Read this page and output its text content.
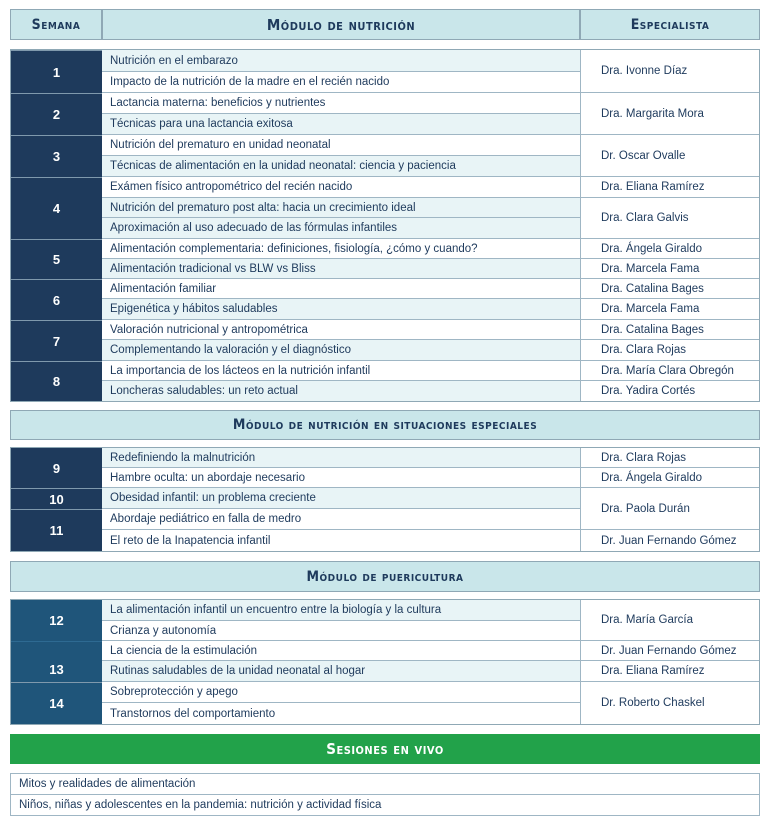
Semana	Módulo de nutrición	Especialista
1
2
3
4
5
6
7
8
Nutrición en el embarazo
Impacto de la nutrición de la madre en el recién nacido
Lactancia materna: beneficios y nutrientes
Técnicas para una lactancia exitosa
Nutrición del prematuro en unidad neonatal
Técnicas de alimentación en la unidad neonatal: ciencia y paciencia
Exámen físico antropométrico del recién nacido
Nutrición del prematuro post alta: hacia un crecimiento ideal
Aproximación al uso adecuado de las fórmulas infantiles
Alimentación complementaria: definiciones, fisiología, ¿cómo y cuando?
Alimentación tradicional vs BLW vs Bliss
Alimentación familiar
Epigenética y hábitos saludables
Valoración nutricional y antropométrica
Complementando la valoración y el diagnóstico
La importancia de los lácteos en la nutrición infantil
Loncheras saludables: un reto actual
Dra. Ivonne Díaz
Dra. Margarita Mora
Dr. Oscar Ovalle
Dra. Eliana Ramírez
Dra. Clara Galvis
Dra. Ángela Giraldo
Dra. Marcela Fama
Dra. Catalina Bages
Dra. Marcela Fama
Dra. Catalina Bages
Dra. Clara Rojas
Dra. María Clara Obregón
Dra. Yadira Cortés
Módulo de nutrición en situaciones especiales
9
10
11
Redefiniendo la malnutrición
Hambre oculta: un abordaje necesario
Obesidad infantil: un problema creciente
Abordaje pediátrico en falla de medro
El reto de la Inapatencia infantil
Dra. Clara Rojas
Dra. Ángela Giraldo
Dra. Paola Durán
Dr. Juan Fernando Gómez
Módulo de puericultura
12
13
14
La alimentación infantil un encuentro entre la biología y la cultura
Crianza y autonomía
La ciencia de la estimulación
Rutinas saludables de la unidad neonatal al hogar
Sobreprotección y apego
Transtornos del comportamiento
Dra. María García
Dr. Juan Fernando Gómez
Dra. Eliana Ramírez
Dr. Roberto Chaskel
Sesiones en vivo
Mitos y realidades de alimentación
Niños, niñas y adolescentes en la pandemia: nutrición y actividad física
